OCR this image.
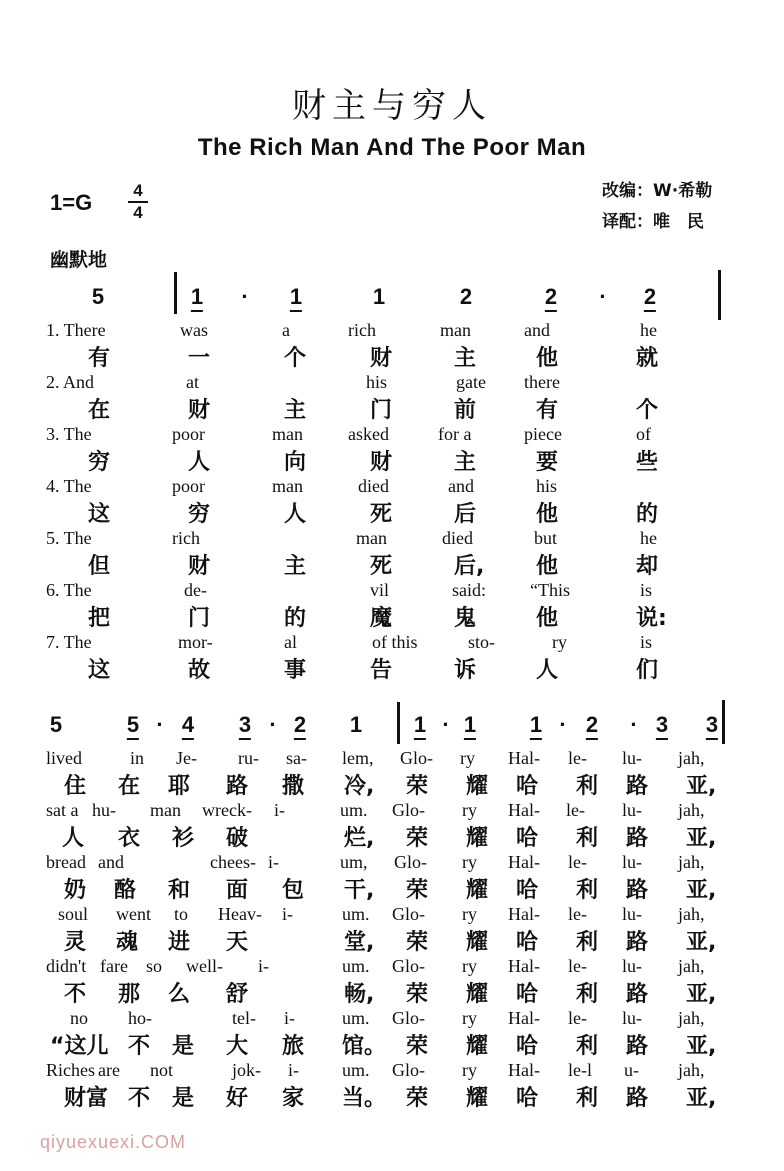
财主与穷人
The Rich Man And The Poor Man
改编：W·希勒
译配：唯　民
1=G	4
4
幽默地
5	1 · 1	1	2	2 · 2
1. There	was	a	rich	man	and	he
有	一	个	财	主	他	就
2. And	at	his	gate there
在	财	主	门	前	有	个
3. The	poor	man	asked	for a	piece	of
穷	人	向	财	主	要	些
4. The	poor	man	died	and	his
这	穷	人	死	后	他	的
5. The	rich	man	died	but	he
但	财	主	死	后, 他	却
6. The	de-	vil	said: “This	is
把	门	的	魔	鬼	他	说:
7. The	mor-	al	of this	sto-	ry	is
这	故	事	告	诉	人	们
5	5 · 4 3 · 2 1 1 · 1 1 · 2 · 3 3
lived	in Je- ru- sa- lem, Glo- ry Hal- le- lu- jah,
住 在 耶 路 撒 冷, 荣 耀 哈 利 路 亚,
sat a hu- man wreck- i-	um. Glo- ry Hal- le- lu- jah,
人 衣 衫 破	烂, 荣 耀 哈 利 路 亚,
bread and	chees- i-	um, Glo- ry Hal- le- lu- jah,
奶 酪 和 面 包 干, 荣 耀 哈 利 路 亚,
soul went to Heav- i-	um. Glo- ry Hal- le- lu- jah,
灵 魂 进 天	堂, 荣 耀 哈 利 路 亚,
didn't fare so well- i-	um. Glo- ry Hal- le- lu- jah,
不 那 么 舒	畅, 荣 耀 哈 利 路 亚,
no ho-	tel- i-	um. Glo- ry Hal- le- lu- jah,
“这儿 不 是 大 旅 馆。 荣 耀 哈 利 路 亚,
Riches are not	jok- i- um. Glo- ry Hal- le-l u- jah,
财富 不 是 好 家 当。 荣 耀 哈 利 路 亚,
qiyuexuexi.COM
